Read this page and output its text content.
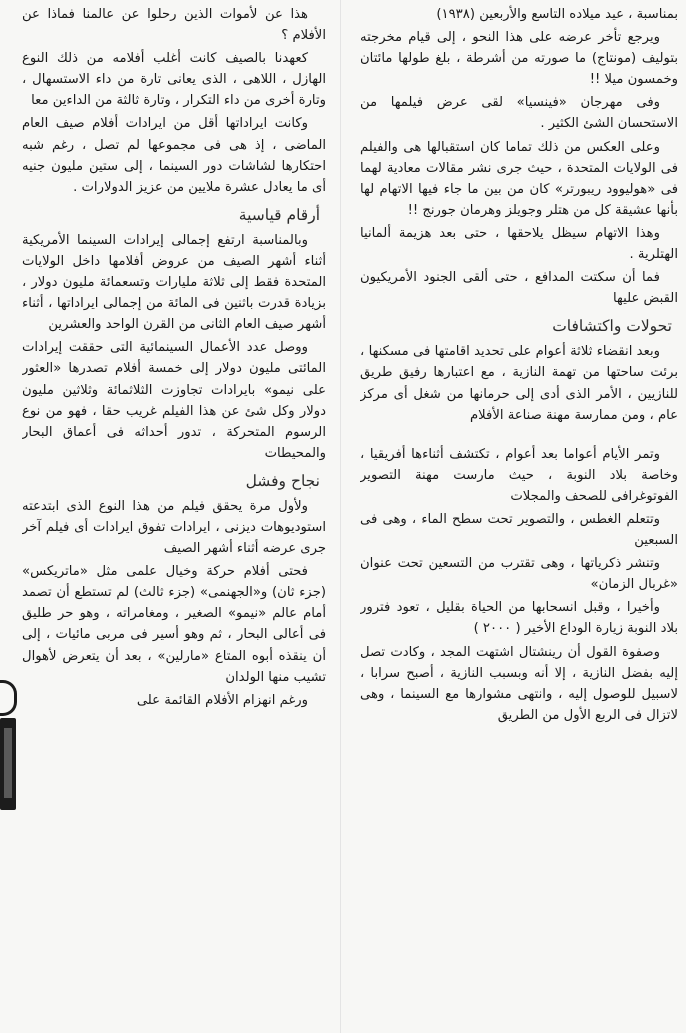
بمناسبة ، عيد ميلاده التاسع والأربعين (١٩٣٨)

ويرجع تأخر عرضه على هذا النحو ، إلى قيام مخرجته بتوليف (مونتاج) ما صورته من أشرطة ، بلغ طولها مائتان وخمسون ميلا !!

وفى مهرجان «فينسيا» لقى عرض فيلمها من الاستحسان الشئ الكثير .

وعلى العكس من ذلك تماما كان استقبالها هى والفيلم فى الولايات المتحدة ، حيث جرى نشر مقالات معادية لهما فى «هوليوود ريبورتر» كان من بين ما جاء فيها الاتهام لها بأنها عشيقة كل من هتلر وجويلز وهرمان جورنج !!

وهذا الاتهام سيظل يلاحقها ، حتى بعد هزيمة ألمانيا الهتلرية .

فما أن سكتت المدافع ، حتى ألقى الجنود الأمريكيون القبض عليها

تحولات واكتشافات

وبعد انقضاء ثلاثة أعوام على تحديد اقامتها فى مسكنها ، برئت ساحتها من تهمة النازية ، مع اعتبارها رفيق طريق للنازيين ، الأمر الذى أدى إلى حرمانها من شغل أى مركز عام ، ومن ممارسة مهنة صناعة الأفلام

وتمر الأيام أعواما بعد أعوام ، تكتشف أثناءها أفريقيا ، وخاصة بلاد النوبة ، حيث مارست مهنة التصوير الفوتوغرافى للصحف والمجلات

وتتعلم الغطس ، والتصوير تحت سطح الماء ، وهى فى السبعين

وتنشر ذكرياتها ، وهى تقترب من التسعين تحت عنوان «غربال الزمان»

وأخيرا ، وقبل انسحابها من الحياة بقليل ، تعود فترور بلاد النوبة زيارة الوداع الأخير ( ٢٠٠٠ )

وصفوة القول أن رينشتال اشتهت المجد ، وكادت تصل إليه بفضل النازية ، إلا أنه وبسبب النازية ، أصبح سرابا ، لاسبيل للوصول إليه ، وانتهى مشوارها مع السينما ، وهى لاتزال فى الربع الأول من الطريق

هذا عن لأموات الذين رحلوا عن عالمنا فماذا عن الأفلام ؟

كعهدنا بالصيف كانت أغلب أفلامه من ذلك النوع الهازل ، اللاهى ، الذى يعانى تارة من داء الاستسهال ، وتارة أخرى من داء التكرار ، وتارة ثالثة من الداءين معا

وكانت ايراداتها أقل من ايرادات أفلام صيف العام الماضى ، إذ هى فى مجموعها لم تصل ، رغم شبه احتكارها لشاشات دور السينما ، إلى ستين مليون جنيه أى ما يعادل عشرة ملايين من عزيز الدولارات .

أرقام قياسية

وبالمناسبة ارتفع إجمالى إيرادات السينما الأمريكية أثناء أشهر الصيف من عروض أفلامها داخل الولايات المتحدة فقط إلى ثلاثة مليارات وتسعمائة مليون دولار ، بزيادة قدرت باثنين فى المائة من إجمالى ايراداتها ، أثناء أشهر صيف العام الثانى من القرن الواحد والعشرين

ووصل عدد الأعمال السينمائية التى حققت إيرادات المائتى مليون دولار إلى خمسة أفلام تصدرها «العثور على نيمو» بايرادات تجاوزت الثلاثمائة وثلاثين مليون دولار وكل شئ عن هذا الفيلم غريب حقا ، فهو من نوع الرسوم المتحركة ، تدور أحداثه فى أعماق البحار والمحيطات

نجاح وفشل

ولأول مرة يحقق فيلم من هذا النوع الذى ابتدعته استوديوهات ديزنى ، ايرادات تفوق ايرادات أى فيلم آخر جرى عرضه أثناء أشهر الصيف

فحتى أفلام حركة وخيال علمى مثل «ماتريكس» (جزء ثان) و«الجهنمى» (جزء ثالث) لم تستطع أن تصمد أمام عالم «نيمو» الصغير ، ومغامراته ، وهو حر طليق فى أعالى البحار ، ثم وهو أسير فى مربى مائيات ، إلى أن ينقذه أبوه المتاع «مارلين» ، بعد أن يتعرض لأهوال تشيب منها الولدان

ورغم انهزام الأفلام القائمة على
